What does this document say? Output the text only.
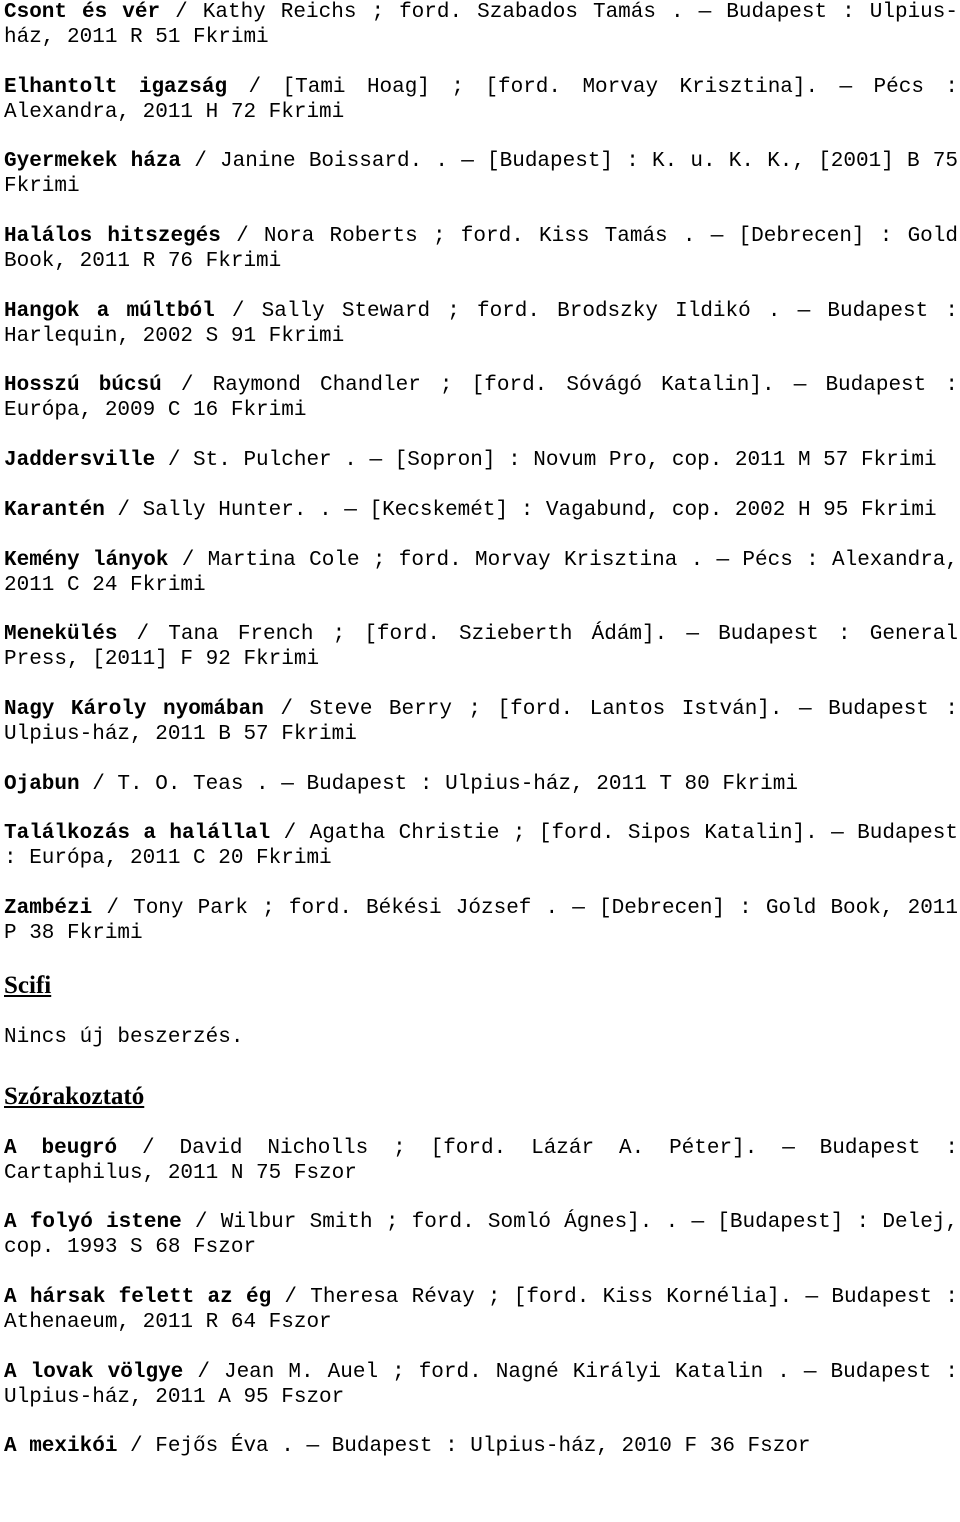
Csont és vér / Kathy Reichs ; ford. Szabados Tamás . — Budapest : Ulpius-ház, 2011 R 51 Fkrimi

Elhantolt igazság / [Tami Hoag] ; [ford. Morvay Krisztina]. — Pécs : Alexandra, 2011 H 72 Fkrimi

Gyermekek háza / Janine Boissard. . — [Budapest] : K. u. K. K., [2001] B 75 Fkrimi

Halálos hitszegés / Nora Roberts ; ford. Kiss Tamás . — [Debrecen] : Gold Book, 2011 R 76 Fkrimi

Hangok a múltból / Sally Steward ; ford. Brodszky Ildikó . — Budapest : Harlequin, 2002 S 91 Fkrimi

Hosszú búcsú / Raymond Chandler ; [ford. Sóvágó Katalin]. — Budapest : Európa, 2009 C 16 Fkrimi

Jaddersville / St. Pulcher . — [Sopron] : Novum Pro, cop. 2011 M 57 Fkrimi

Karantén / Sally Hunter. . — [Kecskemét] : Vagabund, cop. 2002 H 95 Fkrimi

Kemény lányok / Martina Cole ; ford. Morvay Krisztina . — Pécs : Alexandra, 2011 C 24 Fkrimi

Menekülés / Tana French ; [ford. Szieberth Ádám]. — Budapest : General Press, [2011] F 92 Fkrimi

Nagy Károly nyomában / Steve Berry ; [ford. Lantos István]. — Budapest : Ulpius-ház, 2011 B 57 Fkrimi

Ojabun / T. O. Teas . — Budapest : Ulpius-ház, 2011 T 80 Fkrimi

Találkozás a halállal / Agatha Christie ; [ford. Sipos Katalin]. — Budapest : Európa, 2011 C 20 Fkrimi

Zambézi / Tony Park ; ford. Békési József . — [Debrecen] : Gold Book, 2011 P 38 Fkrimi

Scifi

Nincs új beszerzés.

Szórakoztató

A beugró / David Nicholls ; [ford. Lázár A. Péter]. — Budapest : Cartaphilus, 2011 N 75 Fszor

A folyó istene / Wilbur Smith ; ford. Somló Ágnes]. . — [Budapest] : Delej, cop. 1993 S 68 Fszor

A hársak felett az ég / Theresa Révay ; [ford. Kiss Kornélia]. — Budapest : Athenaeum, 2011 R 64 Fszor

A lovak völgye / Jean M. Auel ; ford. Nagné Királyi Katalin . — Budapest : Ulpius-ház, 2011 A 95 Fszor

A mexikói / Fejős Éva . — Budapest : Ulpius-ház, 2010 F 36 Fszor
